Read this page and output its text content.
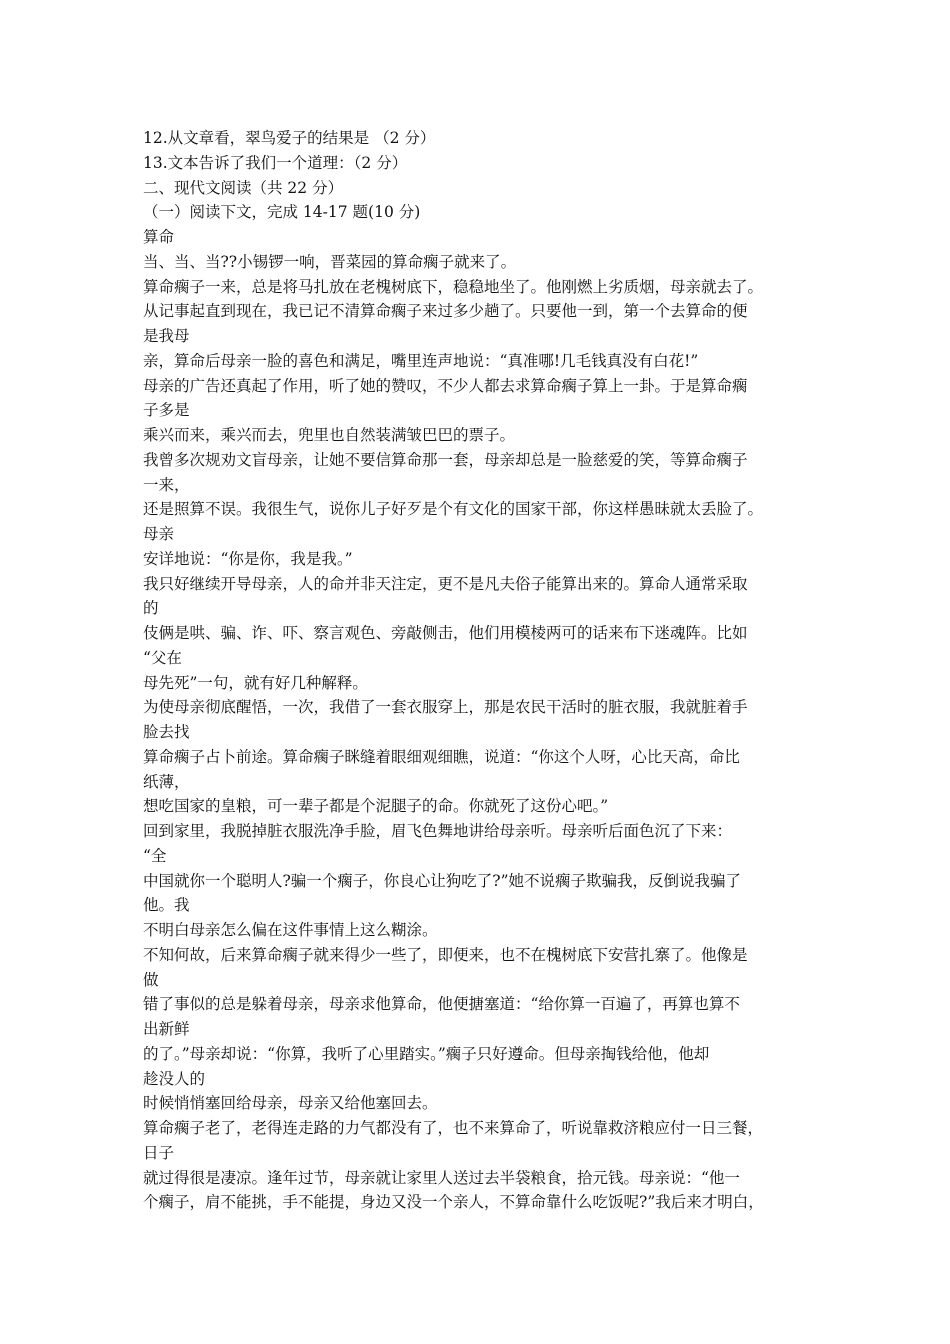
12.从文章看，翠鸟爱子的结果是 （2 分）
13.文本告诉了我们一个道理：（2 分）
二、现代文阅读（共 22 分）
（一）阅读下文，完成 14-17 题(10 分)
算命
当、当、当??小锡锣一响，晋菜园的算命瘸子就来了。
算命瘸子一来，总是将马扎放在老槐树底下，稳稳地坐了。他刚燃上劣质烟，母亲就去了。
从记事起直到现在，我已记不清算命瘸子来过多少趟了。只要他一到，第一个去算命的便
是我母
亲，算命后母亲一脸的喜色和满足，嘴里连声地说：“真准哪!几毛钱真没有白花!”
母亲的广告还真起了作用，听了她的赞叹，不少人都去求算命瘸子算上一卦。于是算命瘸
子多是
乘兴而来，乘兴而去，兜里也自然装满皱巴巴的票子。
我曾多次规劝文盲母亲，让她不要信算命那一套，母亲却总是一脸慈爱的笑，等算命瘸子
一来，
还是照算不误。我很生气，说你儿子好歹是个有文化的国家干部，你这样愚昧就太丢脸了。
母亲
安详地说：“你是你，我是我。”
我只好继续开导母亲，人的命并非天注定，更不是凡夫俗子能算出来的。算命人通常采取
的
伎俩是哄、骗、诈、吓、察言观色、旁敲侧击，他们用模棱两可的话来布下迷魂阵。比如
“父在
母先死”一句，就有好几种解释。
为使母亲彻底醒悟，一次，我借了一套衣服穿上，那是农民干活时的脏衣服，我就脏着手
脸去找
算命瘸子占卜前途。算命瘸子眯缝着眼细观细瞧，说道：“你这个人呀，心比天高，命比
纸薄，
想吃国家的皇粮，可一辈子都是个泥腿子的命。你就死了这份心吧。”
回到家里，我脱掉脏衣服洗净手脸，眉飞色舞地讲给母亲听。母亲听后面色沉了下来：
“全
中国就你一个聪明人?骗一个瘸子，你良心让狗吃了?”她不说瘸子欺骗我，反倒说我骗了
他。我
不明白母亲怎么偏在这件事情上这么糊涂。
不知何故，后来算命瘸子就来得少一些了，即便来，也不在槐树底下安营扎寨了。他像是
做
错了事似的总是躲着母亲，母亲求他算命，他便搪塞道：“给你算一百遍了，再算也算不
出新鲜
的了。”母亲却说：“你算，我听了心里踏实。”瘸子只好遵命。但母亲掏钱给他，他却
趁没人的
时候悄悄塞回给母亲，母亲又给他塞回去。
算命瘸子老了，老得连走路的力气都没有了，也不来算命了，听说靠救济粮应付一日三餐，
日子
就过得很是凄凉。逢年过节，母亲就让家里人送过去半袋粮食，拾元钱。母亲说：“他一
个瘸子，肩不能挑，手不能提，身边又没一个亲人，不算命靠什么吃饭呢?”我后来才明白，
